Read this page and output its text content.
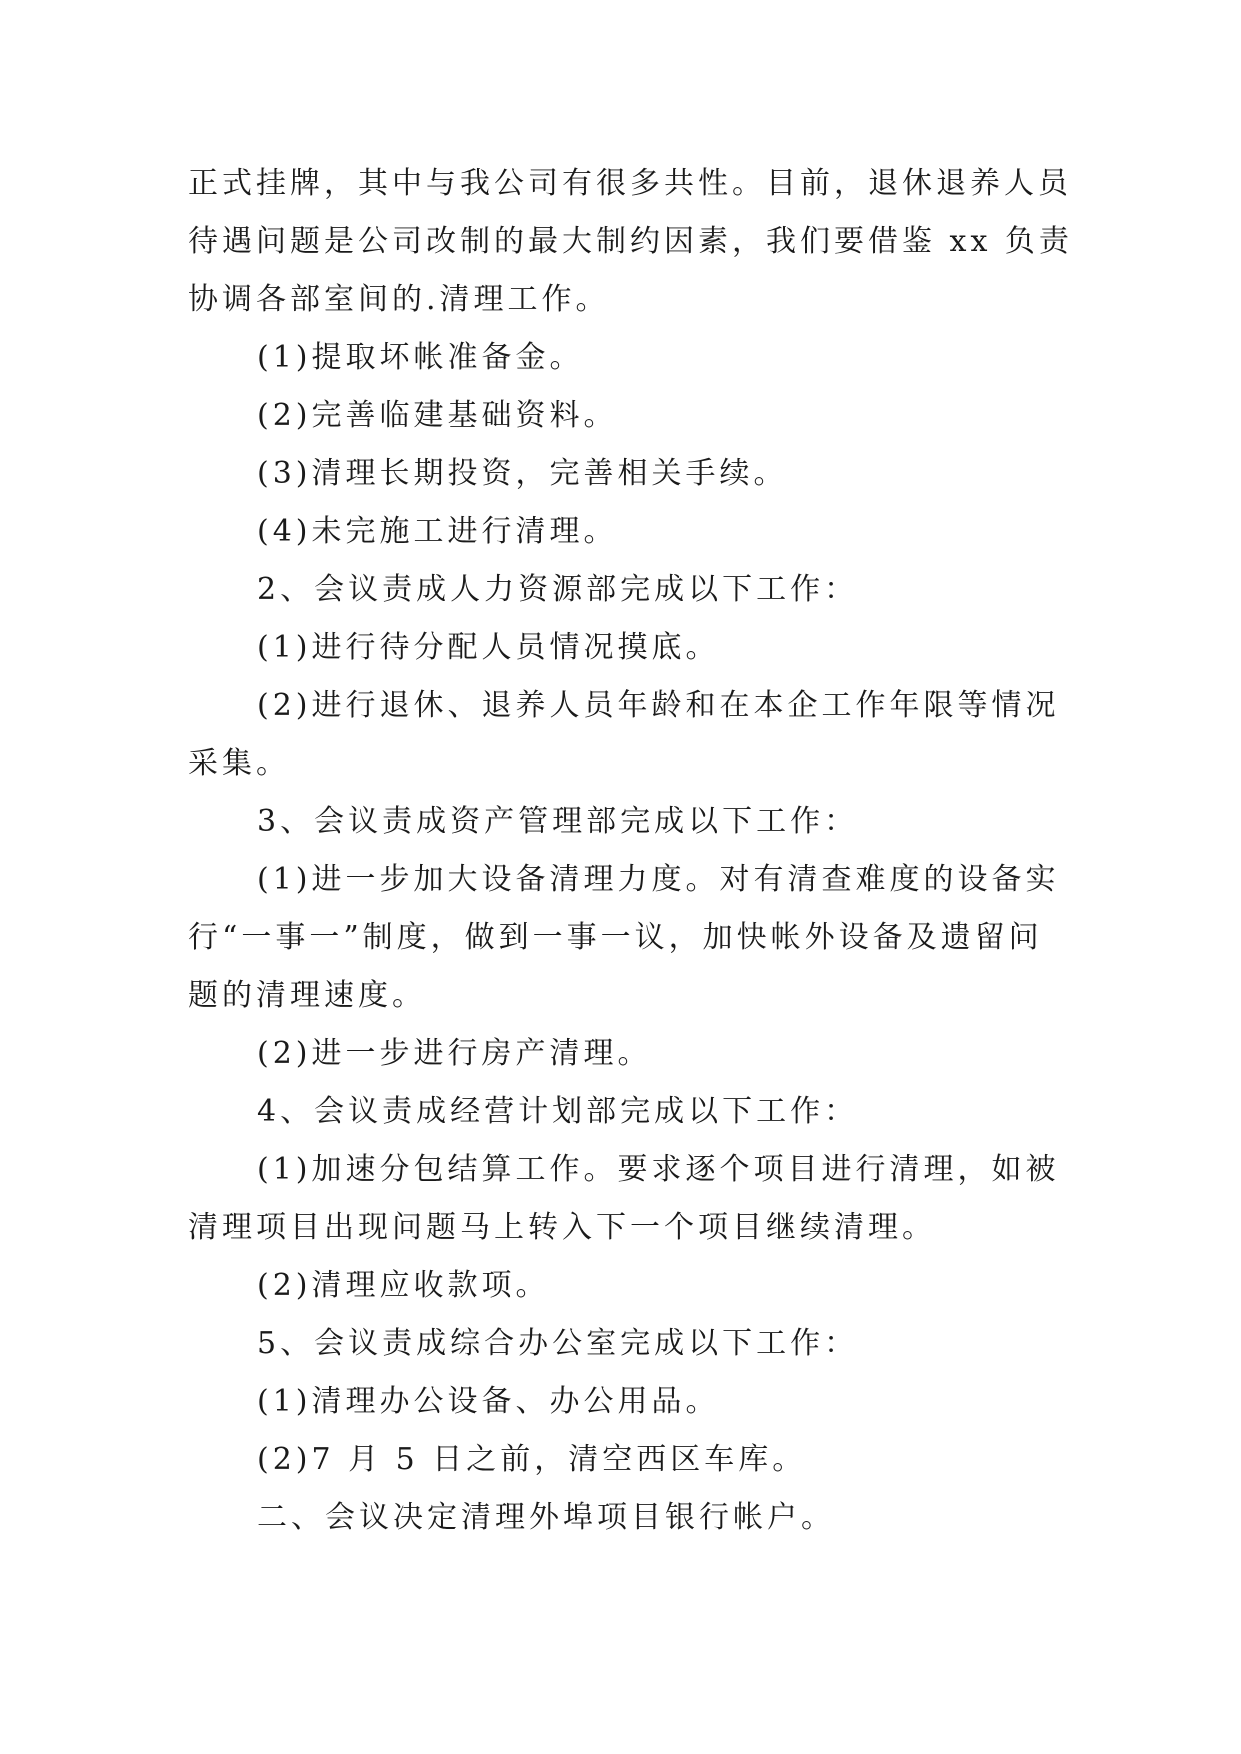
正式挂牌，其中与我公司有很多共性。目前，退休退养人员
待遇问题是公司改制的最大制约因素，我们要借鉴 xx 负责
协调各部室间的.清理工作。
(1)提取坏帐准备金。
(2)完善临建基础资料。
(3)清理长期投资，完善相关手续。
(4)未完施工进行清理。
2、会议责成人力资源部完成以下工作：
(1)进行待分配人员情况摸底。
(2)进行退休、退养人员年龄和在本企工作年限等情况
采集。
3、会议责成资产管理部完成以下工作：
(1)进一步加大设备清理力度。对有清查难度的设备实
行“一事一”制度，做到一事一议，加快帐外设备及遗留问
题的清理速度。
(2)进一步进行房产清理。
4、会议责成经营计划部完成以下工作：
(1)加速分包结算工作。要求逐个项目进行清理，如被
清理项目出现问题马上转入下一个项目继续清理。
(2)清理应收款项。
5、会议责成综合办公室完成以下工作：
(1)清理办公设备、办公用品。
(2)7 月 5 日之前，清空西区车库。
二、会议决定清理外埠项目银行帐户。
